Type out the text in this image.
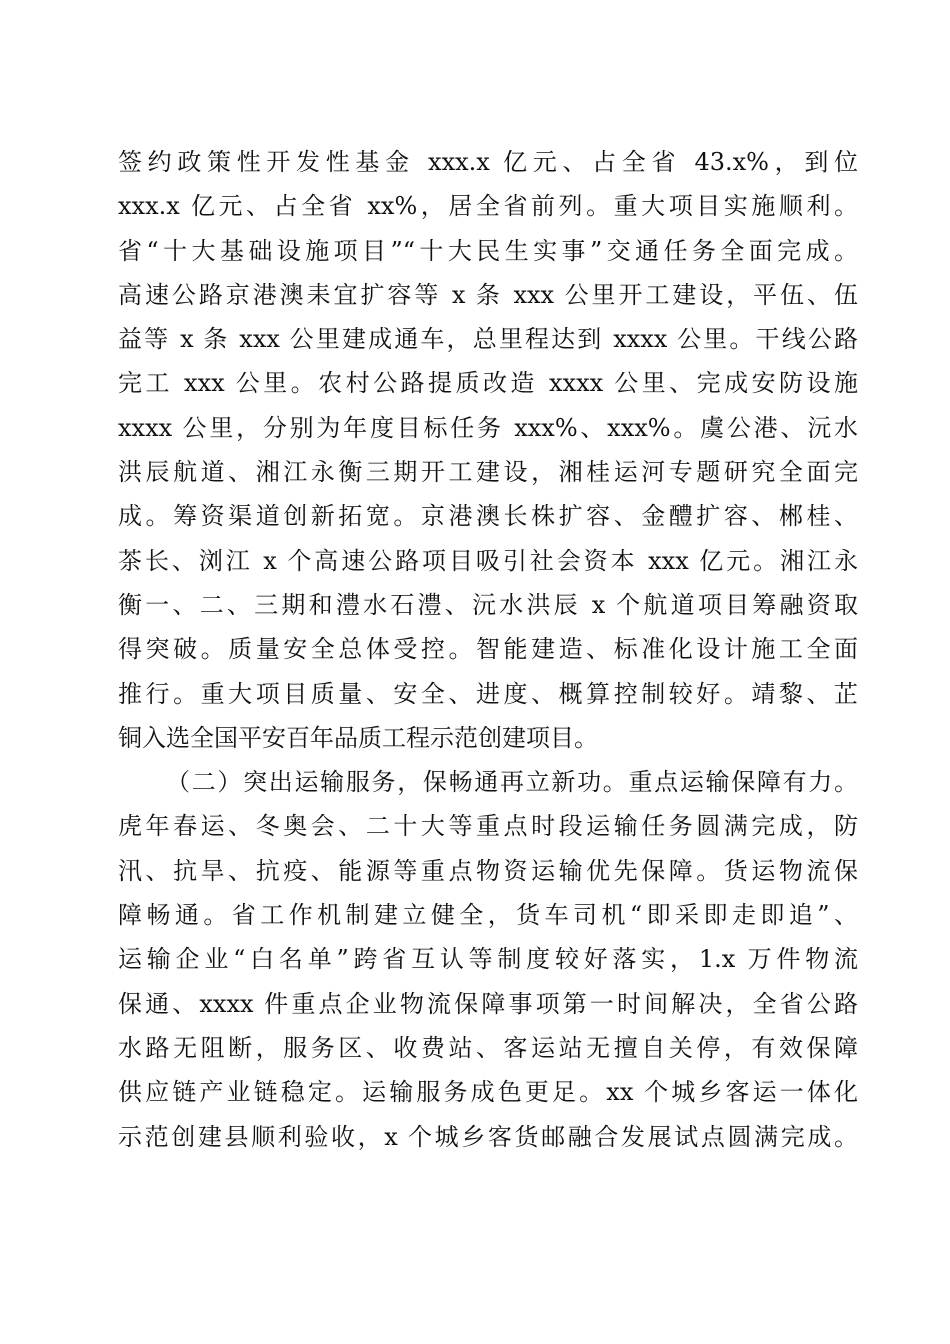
签约政策性开发性基金 xxx.x 亿元、占全省 43.x%，到位
xxx.x 亿元、占全省 xx%，居全省前列。重大项目实施顺利。
省“十大基础设施项目”“十大民生实事”交通任务全面完成。
高速公路京港澳耒宜扩容等 x 条 xxx 公里开工建设，平伍、伍
益等 x 条 xxx 公里建成通车，总里程达到 xxxx 公里。干线公路
完工 xxx 公里。农村公路提质改造 xxxx 公里、完成安防设施
xxxx 公里，分别为年度目标任务 xxx%、xxx%。虞公港、沅水
洪辰航道、湘江永衡三期开工建设，湘桂运河专题研究全面完
成。筹资渠道创新拓宽。京港澳长株扩容、金醴扩容、郴桂、
茶长、浏江 x 个高速公路项目吸引社会资本 xxx 亿元。湘江永
衡一、二、三期和澧水石澧、沅水洪辰 x 个航道项目筹融资取
得突破。质量安全总体受控。智能建造、标准化设计施工全面
推行。重大项目质量、安全、进度、概算控制较好。靖黎、芷
铜入选全国平安百年品质工程示范创建项目。
（二）突出运输服务，保畅通再立新功。重点运输保障有力。
虎年春运、冬奥会、二十大等重点时段运输任务圆满完成，防
汛、抗旱、抗疫、能源等重点物资运输优先保障。货运物流保
障畅通。省工作机制建立健全，货车司机“即采即走即追”、
运输企业“白名单”跨省互认等制度较好落实，1.x 万件物流
保通、xxxx 件重点企业物流保障事项第一时间解决，全省公路
水路无阻断，服务区、收费站、客运站无擅自关停，有效保障
供应链产业链稳定。运输服务成色更足。xx 个城乡客运一体化
示范创建县顺利验收，x 个城乡客货邮融合发展试点圆满完成。
